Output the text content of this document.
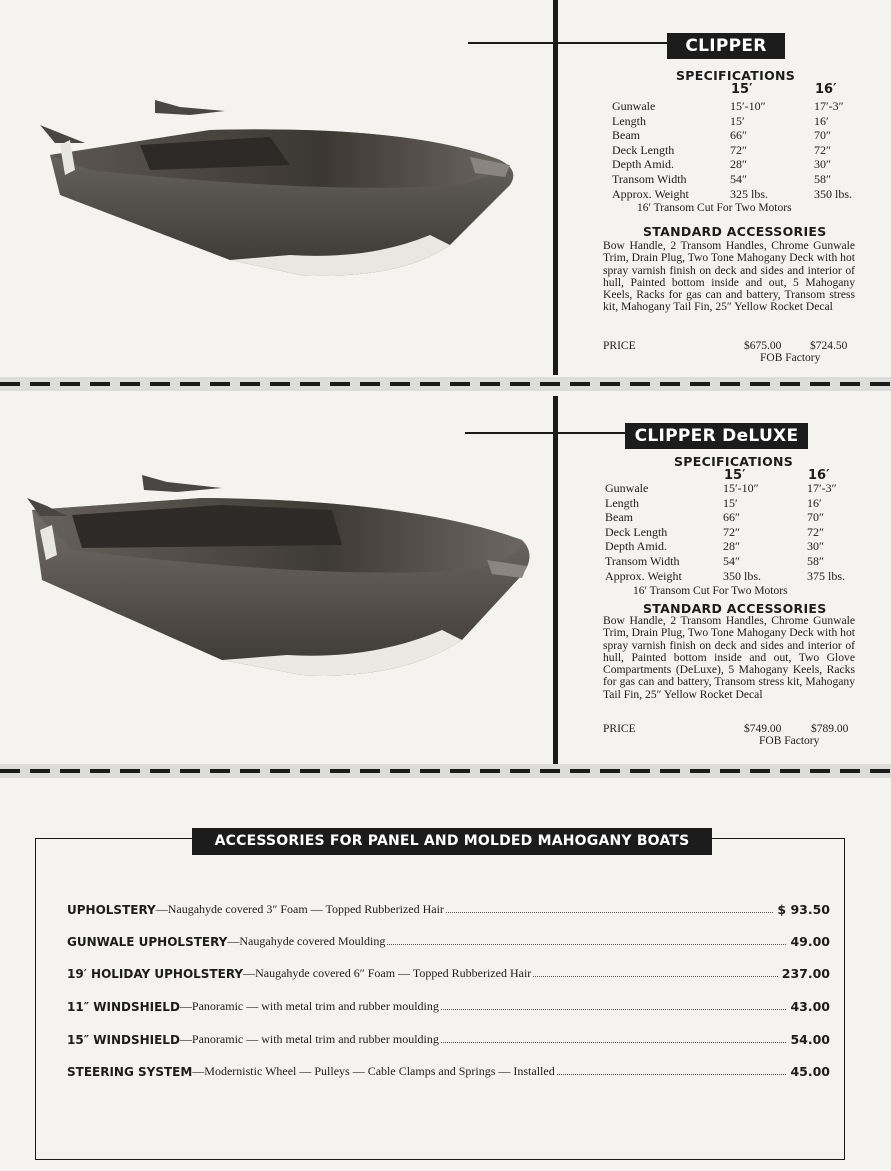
CLIPPER
SPECIFICATIONS
15′	16′
Gunwale	15′-10″	17′-3″
Length	15′	16′
Beam	66″	70″
Deck Length	72″	72″
Depth Amid.	28″	30″
Transom Width	54″	58″
Approx. Weight	325 lbs.	350 lbs.
16′ Transom Cut For Two Motors
STANDARD ACCESSORIES
Bow Handle, 2 Transom Handles, Chrome Gunwale Trim, Drain Plug, Two Tone Mahogany Deck with hot spray varnish finish on deck and sides and interior of hull, Painted bottom inside and out, 5 Mahogany Keels, Racks for gas can and battery, Transom stress kit, Mahogany Tail Fin, 25″ Yellow Rocket Decal
PRICE	$675.00 $724.50
FOB Factory
CLIPPER DeLUXE
SPECIFICATIONS
15′	16′
Gunwale	15′-10″	17′-3″
Length	15′	16′
Beam	66″	70″
Deck Length	72″	72″
Depth Amid.	28″	30″
Transom Width	54″	58″
Approx. Weight	350 lbs.	375 lbs.
16′ Transom Cut For Two Motors
STANDARD ACCESSORIES
Bow Handle, 2 Transom Handles, Chrome Gunwale Trim, Drain Plug, Two Tone Mahogany Deck with hot spray varnish finish on deck and sides and interior of hull, Painted bottom inside and out, Two Glove Compartments (DeLuxe), 5 Mahogany Keels, Racks for gas can and battery, Transom stress kit, Mahogany Tail Fin, 25″ Yellow Rocket Decal
PRICE	$749.00	$789.00
FOB Factory
ACCESSORIES FOR PANEL AND MOLDED MAHOGANY BOATS
UPHOLSTERY —Naugahyde covered 3″ Foam — Topped Rubberized Hair	$ 93.50
GUNWALE UPHOLSTERY —Naugahyde covered Moulding	49.00
19′ HOLIDAY UPHOLSTERY —Naugahyde covered 6″ Foam — Topped Rubberized Hair	237.00
11″ WINDSHIELD —Panoramic — with metal trim and rubber moulding	43.00
15″ WINDSHIELD —Panoramic — with metal trim and rubber moulding	54.00
STEERING SYSTEM —Modernistic Wheel — Pulleys — Cable Clamps and Springs — Installed	45.00
